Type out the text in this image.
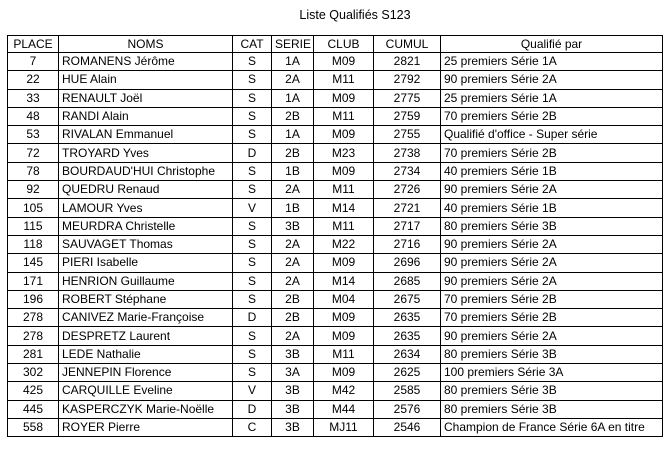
Liste Qualifiés S123
PLACE	NOMS	CAT	SERIE	CLUB	CUMUL	Qualifié par
7	ROMANENS Jérôme	S	1A	M09	2821	25 premiers Série 1A
22	HUE Alain	S	2A	M11	2792	90 premiers Série 2A
33	RENAULT Joël	S	1A	M09	2775	25 premiers Série 1A
48	RANDI Alain	S	2B	M11	2759	70 premiers Série 2B
53	RIVALAN Emmanuel	S	1A	M09	2755	Qualifié d'office - Super série
72	TROYARD Yves	D	2B	M23	2738	70 premiers Série 2B
78	BOURDAUD'HUI Christophe	S	1B	M09	2734	40 premiers Série 1B
92	QUEDRU Renaud	S	2A	M11	2726	90 premiers Série 2A
105	LAMOUR Yves	V	1B	M14	2721	40 premiers Série 1B
115	MEURDRA Christelle	S	3B	M11	2717	80 premiers Série 3B
118	SAUVAGET Thomas	S	2A	M22	2716	90 premiers Série 2A
145	PIERI Isabelle	S	2A	M09	2696	90 premiers Série 2A
171	HENRION Guillaume	S	2A	M14	2685	90 premiers Série 2A
196	ROBERT Stéphane	S	2B	M04	2675	70 premiers Série 2B
278	CANIVEZ Marie-Françoise	D	2B	M09	2635	70 premiers Série 2B
278	DESPRETZ Laurent	S	2A	M09	2635	90 premiers Série 2A
281	LEDE Nathalie	S	3B	M11	2634	80 premiers Série 3B
302	JENNEPIN Florence	S	3A	M09	2625	100 premiers Série 3A
425	CARQUILLE Eveline	V	3B	M42	2585	80 premiers Série 3B
445	KASPERCZYK Marie-Noëlle	D	3B	M44	2576	80 premiers Série 3B
558	ROYER Pierre	C	3B	MJ11	2546	Champion de France Série 6A en titre
